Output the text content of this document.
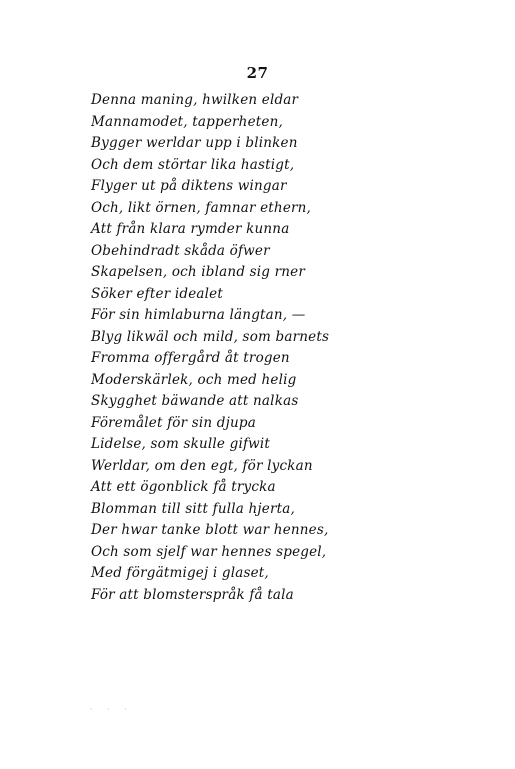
27
Denna maning, hwilken eldar
Mannamodet, tapperheten,
Bygger werldar upp i blinken
Och dem störtar lika hastigt,
Flyger ut på diktens wingar
Och, likt örnen, famnar ethern,
Att från klara rymder kunna
Obehindradt skåda öfwer
Skapelsen, och ibland sig rner
Söker efter idealet
För sin himlaburna längtan, —
Blyg likwäl och mild, som barnets
Fromma offergård åt trogen
Moderskärlek, och med helig
Skygghet bäwande att nalkas
Föremålet för sin djupa
Lidelse, som skulle gifwit
Werldar, om den egt, för lyckan
Att ett ögonblick få trycka
Blomman till sitt fulla hjerta,
Der hwar tanke blott war hennes,
Och som sjelf war hennes spegel,
Med förgätmigej i glaset,
För att blomsterspråk få tala
· · ·
